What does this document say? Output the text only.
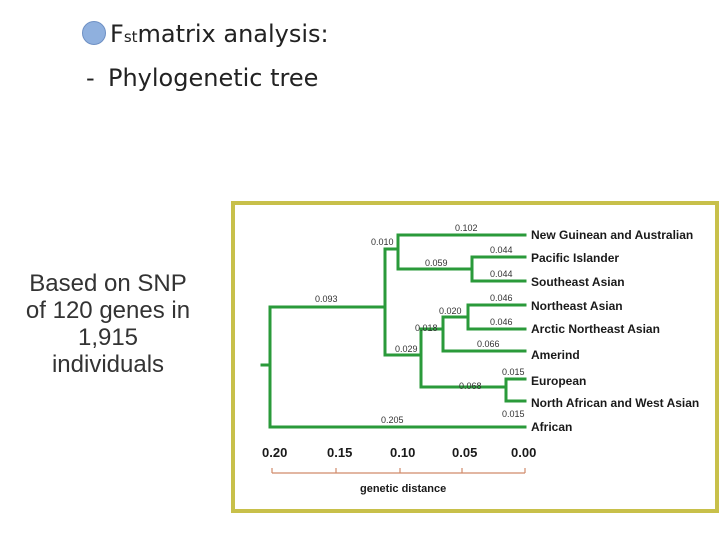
F st matrix analysis:
- Phylogenetic tree
Based on SNP of 120 genes in 1,915 individuals
0.102
0.010
0.044
0.059
0.044
0.093	0.046
0.020
0.046
0.018
0.066
0.029
0.015
0.068
0.015
0.205
New Guinean and Australian
Pacific Islander
Southeast Asian
Northeast Asian
Arctic Northeast Asian
Amerind
European
North African and West Asian
African
0.20	0.15	0.10	0.05	0.00
genetic distance
